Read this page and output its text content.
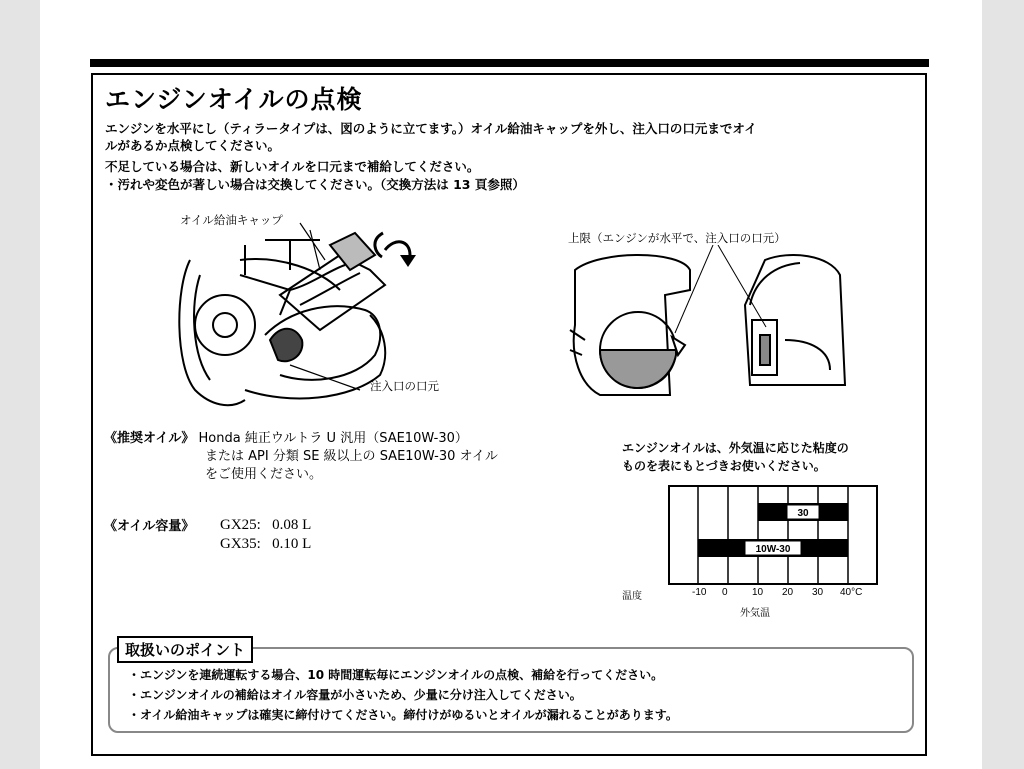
エンジンオイルの点検
エンジンを水平にし（ティラータイプは、図のように立てます。）オイル給油キャップを外し、注入口の口元までオイ
ルがあるか点検してください。
不足している場合は、新しいオイルを口元まで補給してください。
・汚れや変色が著しい場合は交換してください。（交換方法は 13 頁参照）
オイル給油キャップ
注入口の口元
上限（エンジンが水平で、注入口の口元）
《推奨オイル》 Honda 純正ウルトラ U 汎用（SAE10W-30）
または API 分類 SE 級以上の SAE10W-30 オイル
をご使用ください。
《オイル容量》 GX25: 0.08 L
GX35: 0.10 L
エンジンオイルは、外気温に応じた粘度の
ものを表にもとづきお使いください。
30
10W-30
温度	-10 0 10 20 30 40°C
外気温
取扱いのポイント
・エンジンを連続運転する場合、10 時間運転毎にエンジンオイルの点検、補給を行ってください。
・エンジンオイルの補給はオイル容量が小さいため、少量に分け注入してください。
・オイル給油キャップは確実に締付けてください。締付けがゆるいとオイルが漏れることがあります。
